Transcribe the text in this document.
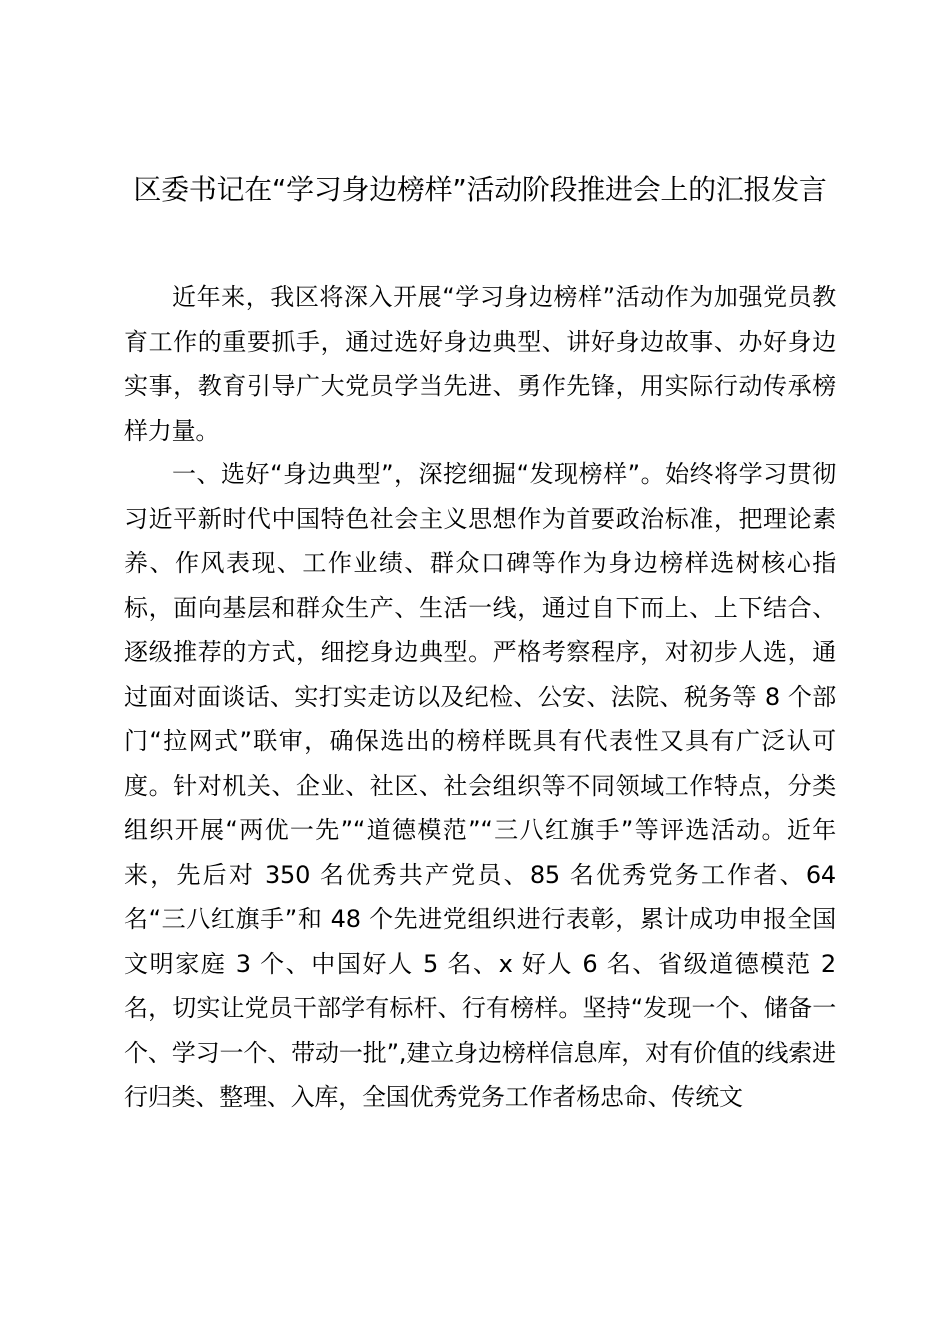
区委书记在“学习身边榜样”活动阶段推进会上的汇报发言

近年来，我区将深入开展“学习身边榜样”活动作为加强党员教育工作的重要抓手，通过选好身边典型、讲好身边故事、办好身边实事，教育引导广大党员学当先进、勇作先锋，用实际行动传承榜样力量。

一、选好“身边典型”，深挖细掘“发现榜样”。始终将学习贯彻习近平新时代中国特色社会主义思想作为首要政治标准，把理论素养、作风表现、工作业绩、群众口碑等作为身边榜样选树核心指标，面向基层和群众生产、生活一线，通过自下而上、上下结合、逐级推荐的方式，细挖身边典型。严格考察程序，对初步人选，通过面对面谈话、实打实走访以及纪检、公安、法院、税务等 8 个部门“拉网式”联审，确保选出的榜样既具有代表性又具有广泛认可度。针对机关、企业、社区、社会组织等不同领域工作特点，分类组织开展“两优一先”“道德模范”“三八红旗手”等评选活动。近年来，先后对 350 名优秀共产党员、85 名优秀党务工作者、64 名“三八红旗手”和 48 个先进党组织进行表彰，累计成功申报全国文明家庭 3 个、中国好人 5 名、x 好人 6 名、省级道德模范 2 名，切实让党员干部学有标杆、行有榜样。坚持“发现一个、储备一个、学习一个、带动一批”,建立身边榜样信息库，对有价值的线索进行归类、整理、入库，全国优秀党务工作者杨忠命、传统文
